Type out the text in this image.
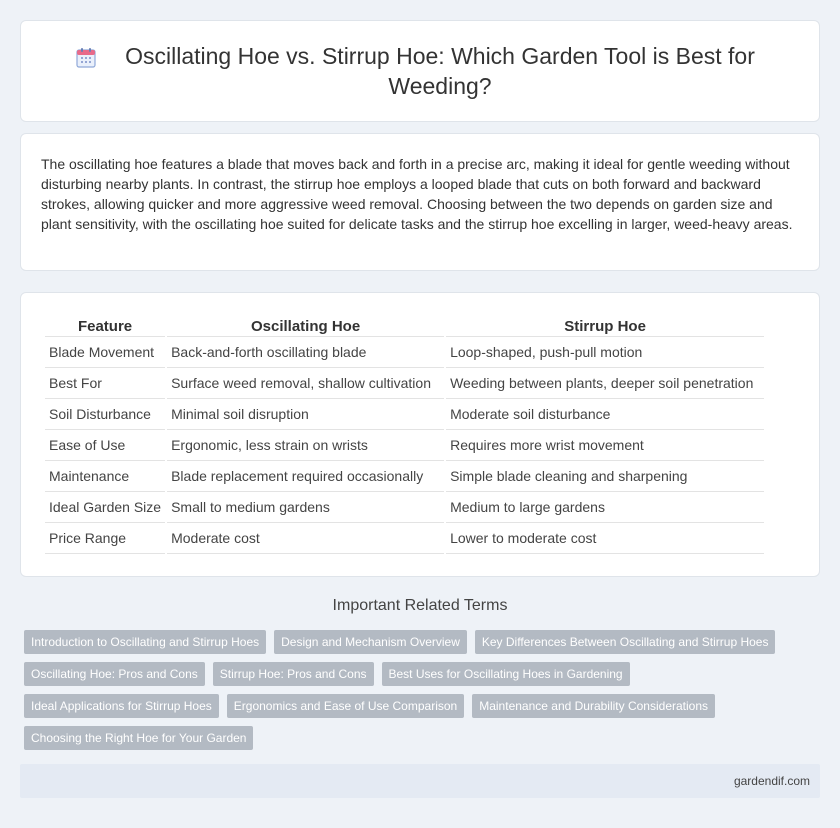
Oscillating Hoe vs. Stirrup Hoe: Which Garden Tool is Best for Weeding?

The oscillating hoe features a blade that moves back and forth in a precise arc, making it ideal for gentle weeding without disturbing nearby plants. In contrast, the stirrup hoe employs a looped blade that cuts on both forward and backward strokes, allowing quicker and more aggressive weed removal. Choosing between the two depends on garden size and plant sensitivity, with the oscillating hoe suited for delicate tasks and the stirrup hoe excelling in larger, weed-heavy areas.

Feature	Oscillating Hoe	Stirrup Hoe
Blade Movement	Back-and-forth oscillating blade	Loop-shaped, push-pull motion
Best For	Surface weed removal, shallow cultivation	Weeding between plants, deeper soil penetration
Soil Disturbance	Minimal soil disruption	Moderate soil disturbance
Ease of Use	Ergonomic, less strain on wrists	Requires more wrist movement
Maintenance	Blade replacement required occasionally	Simple blade cleaning and sharpening
Ideal Garden Size	Small to medium gardens	Medium to large gardens
Price Range	Moderate cost	Lower to moderate cost
Important Related Terms
Introduction to Oscillating and Stirrup Hoes	Design and Mechanism Overview	Key Differences Between Oscillating and Stirrup Hoes
Oscillating Hoe: Pros and Cons	Stirrup Hoe: Pros and Cons	Best Uses for Oscillating Hoes in Gardening
Ideal Applications for Stirrup Hoes	Ergonomics and Ease of Use Comparison	Maintenance and Durability Considerations
Choosing the Right Hoe for Your Garden
gardendif.com
